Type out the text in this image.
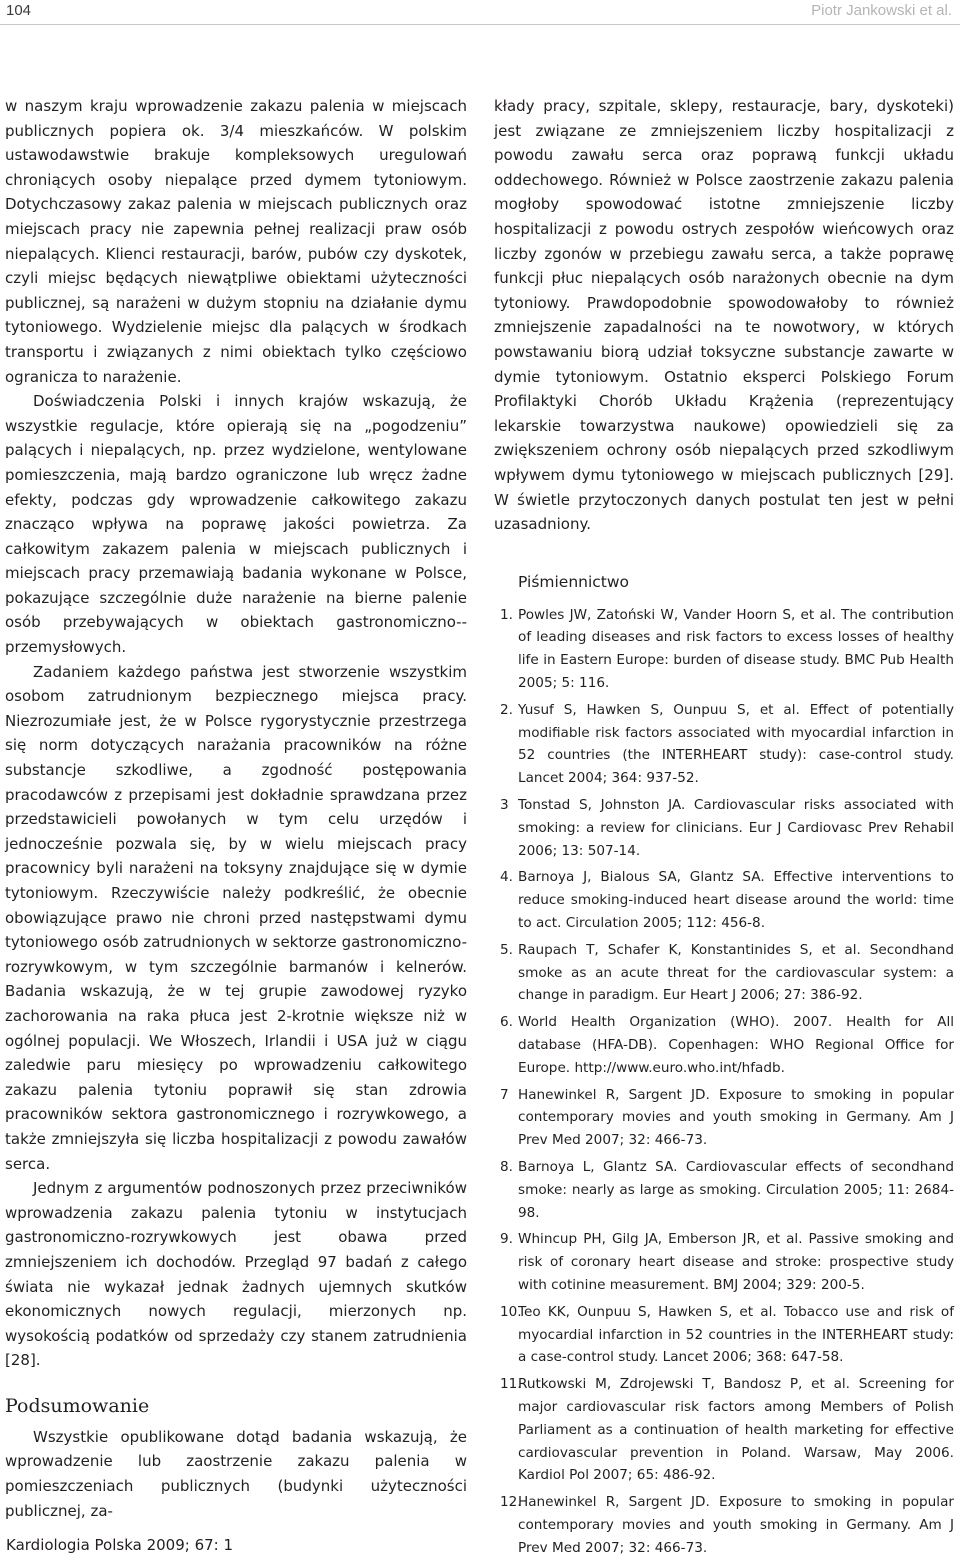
104	Piotr Jankowski et al.

w naszym kraju wprowadzenie zakazu palenia w miejscach publicznych popiera ok. 3/4 mieszkańców. W polskim ustawodawstwie brakuje kompleksowych uregulowań chroniących osoby niepalące przed dymem tytoniowym. Dotychczasowy zakaz palenia w miejscach publicznych oraz miejscach pracy nie zapewnia pełnej realizacji praw osób niepalących. Klienci restauracji, barów, pubów czy dyskotek, czyli miejsc będących niewątpliwe obiektami użyteczności publicznej, są narażeni w dużym stopniu na działanie dymu tytoniowego. Wydzielenie miejsc dla palących w środkach transportu i związanych z nimi obiektach tylko częściowo ogranicza to narażenie.

Doświadczenia Polski i innych krajów wskazują, że wszystkie regulacje, które opierają się na „pogodzeniu” palących i niepalących, np. przez wydzielone, wentylowane pomieszczenia, mają bardzo ograniczone lub wręcz żadne efekty, podczas gdy wprowadzenie całkowitego zakazu znacząco wpływa na poprawę jakości powietrza. Za całkowitym zakazem palenia w miejscach publicznych i miejscach pracy przemawiają badania wykonane w Polsce, pokazujące szczególnie duże narażenie na bierne palenie osób przebywających w obiektach gastronomiczno--przemysłowych.

Zadaniem każdego państwa jest stworzenie wszystkim osobom zatrudnionym bezpiecznego miejsca pracy. Niezrozumiałe jest, że w Polsce rygorystycznie przestrzega się norm dotyczących narażania pracowników na różne substancje szkodliwe, a zgodność postępowania pracodawców z przepisami jest dokładnie sprawdzana przez przedstawicieli powołanych w tym celu urzędów i jednocześnie pozwala się, by w wielu miejscach pracy pracownicy byli narażeni na toksyny znajdujące się w dymie tytoniowym. Rzeczywiście należy podkreślić, że obecnie obowiązujące prawo nie chroni przed następstwami dymu tytoniowego osób zatrudnionych w sektorze gastronomiczno-rozrywkowym, w tym szczególnie barmanów i kelnerów. Badania wskazują, że w tej grupie zawodowej ryzyko zachorowania na raka płuca jest 2-krotnie większe niż w ogólnej populacji. We Włoszech, Irlandii i USA już w ciągu zaledwie paru miesięcy po wprowadzeniu całkowitego zakazu palenia tytoniu poprawił się stan zdrowia pracowników sektora gastronomicznego i rozrywkowego, a także zmniejszyła się liczba hospitalizacji z powodu zawałów serca.

Jednym z argumentów podnoszonych przez przeciwników wprowadzenia zakazu palenia tytoniu w instytucjach gastronomiczno-rozrywkowych jest obawa przed zmniejszeniem ich dochodów. Przegląd 97 badań z całego świata nie wykazał jednak żadnych ujemnych skutków ekonomicznych nowych regulacji, mierzonych np. wysokością podatków od sprzedaży czy stanem zatrudnienia [28].

Podsumowanie

Wszystkie opublikowane dotąd badania wskazują, że wprowadzenie lub zaostrzenie zakazu palenia w pomieszczeniach publicznych (budynki użyteczności publicznej, za-

kłady pracy, szpitale, sklepy, restauracje, bary, dyskoteki) jest związane ze zmniejszeniem liczby hospitalizacji z powodu zawału serca oraz poprawą funkcji układu oddechowego. Również w Polsce zaostrzenie zakazu palenia mogłoby spowodować istotne zmniejszenie liczby hospitalizacji z powodu ostrych zespołów wieńcowych oraz liczby zgonów w przebiegu zawału serca, a także poprawę funkcji płuc niepalących osób narażonych obecnie na dym tytoniowy. Prawdopodobnie spowodowałoby to również zmniejszenie zapadalności na te nowotwory, w których powstawaniu biorą udział toksyczne substancje zawarte w dymie tytoniowym. Ostatnio eksperci Polskiego Forum Profilaktyki Chorób Układu Krążenia (reprezentujący lekarskie towarzystwa naukowe) opowiedzieli się za zwiększeniem ochrony osób niepalących przed szkodliwym wpływem dymu tytoniowego w miejscach publicznych [29]. W świetle przytoczonych danych postulat ten jest w pełni uzasadniony.

Piśmiennictwo
1. Powles JW, Zatoński W, Vander Hoorn S, et al. The contribution of leading diseases and risk factors to excess losses of healthy life in Eastern Europe: burden of disease study. BMC Pub Health 2005; 5: 116.
2. Yusuf S, Hawken S, Ounpuu S, et al. Effect of potentially modifiable risk factors associated with myocardial infarction in 52 countries (the INTERHEART study): case-control study. Lancet 2004; 364: 937-52.
3 Tonstad S, Johnston JA. Cardiovascular risks associated with smoking: a review for clinicians. Eur J Cardiovasc Prev Rehabil 2006; 13: 507-14.
4. Barnoya J, Bialous SA, Glantz SA. Effective interventions to reduce smoking-induced heart disease around the world: time to act. Circulation 2005; 112: 456-8.
5. Raupach T, Schafer K, Konstantinides S, et al. Secondhand smoke as an acute threat for the cardiovascular system: a change in paradigm. Eur Heart J 2006; 27: 386-92.
6. World Health Organization (WHO). 2007. Health for All database (HFA-DB). Copenhagen: WHO Regional Office for Europe. http://www.euro.who.int/hfadb.
7 Hanewinkel R, Sargent JD. Exposure to smoking in popular contemporary movies and youth smoking in Germany. Am J Prev Med 2007; 32: 466-73.
8. Barnoya L, Glantz SA. Cardiovascular effects of secondhand smoke: nearly as large as smoking. Circulation 2005; 11: 2684-98.
9. Whincup PH, Gilg JA, Emberson JR, et al. Passive smoking and risk of coronary heart disease and stroke: prospective study with cotinine measurement. BMJ 2004; 329: 200-5.
10.
Teo KK, Ounpuu S, Hawken S, et al. Tobacco use and risk of myocardial infarction in 52 countries in the INTERHEART study: a case-control study. Lancet 2006; 368: 647-58.
11.
Rutkowski M, Zdrojewski T, Bandosz P, et al. Screening for major cardiovascular risk factors among Members of Polish Parliament as a continuation of health marketing for effective cardiovascular prevention in Poland. Warsaw, May 2006. Kardiol Pol 2007; 65: 486-92.
12.
Hanewinkel R, Sargent JD. Exposure to smoking in popular contemporary movies and youth smoking in Germany. Am J Prev Med 2007; 32: 466-73.
Kardiologia Polska 2009; 67: 1
